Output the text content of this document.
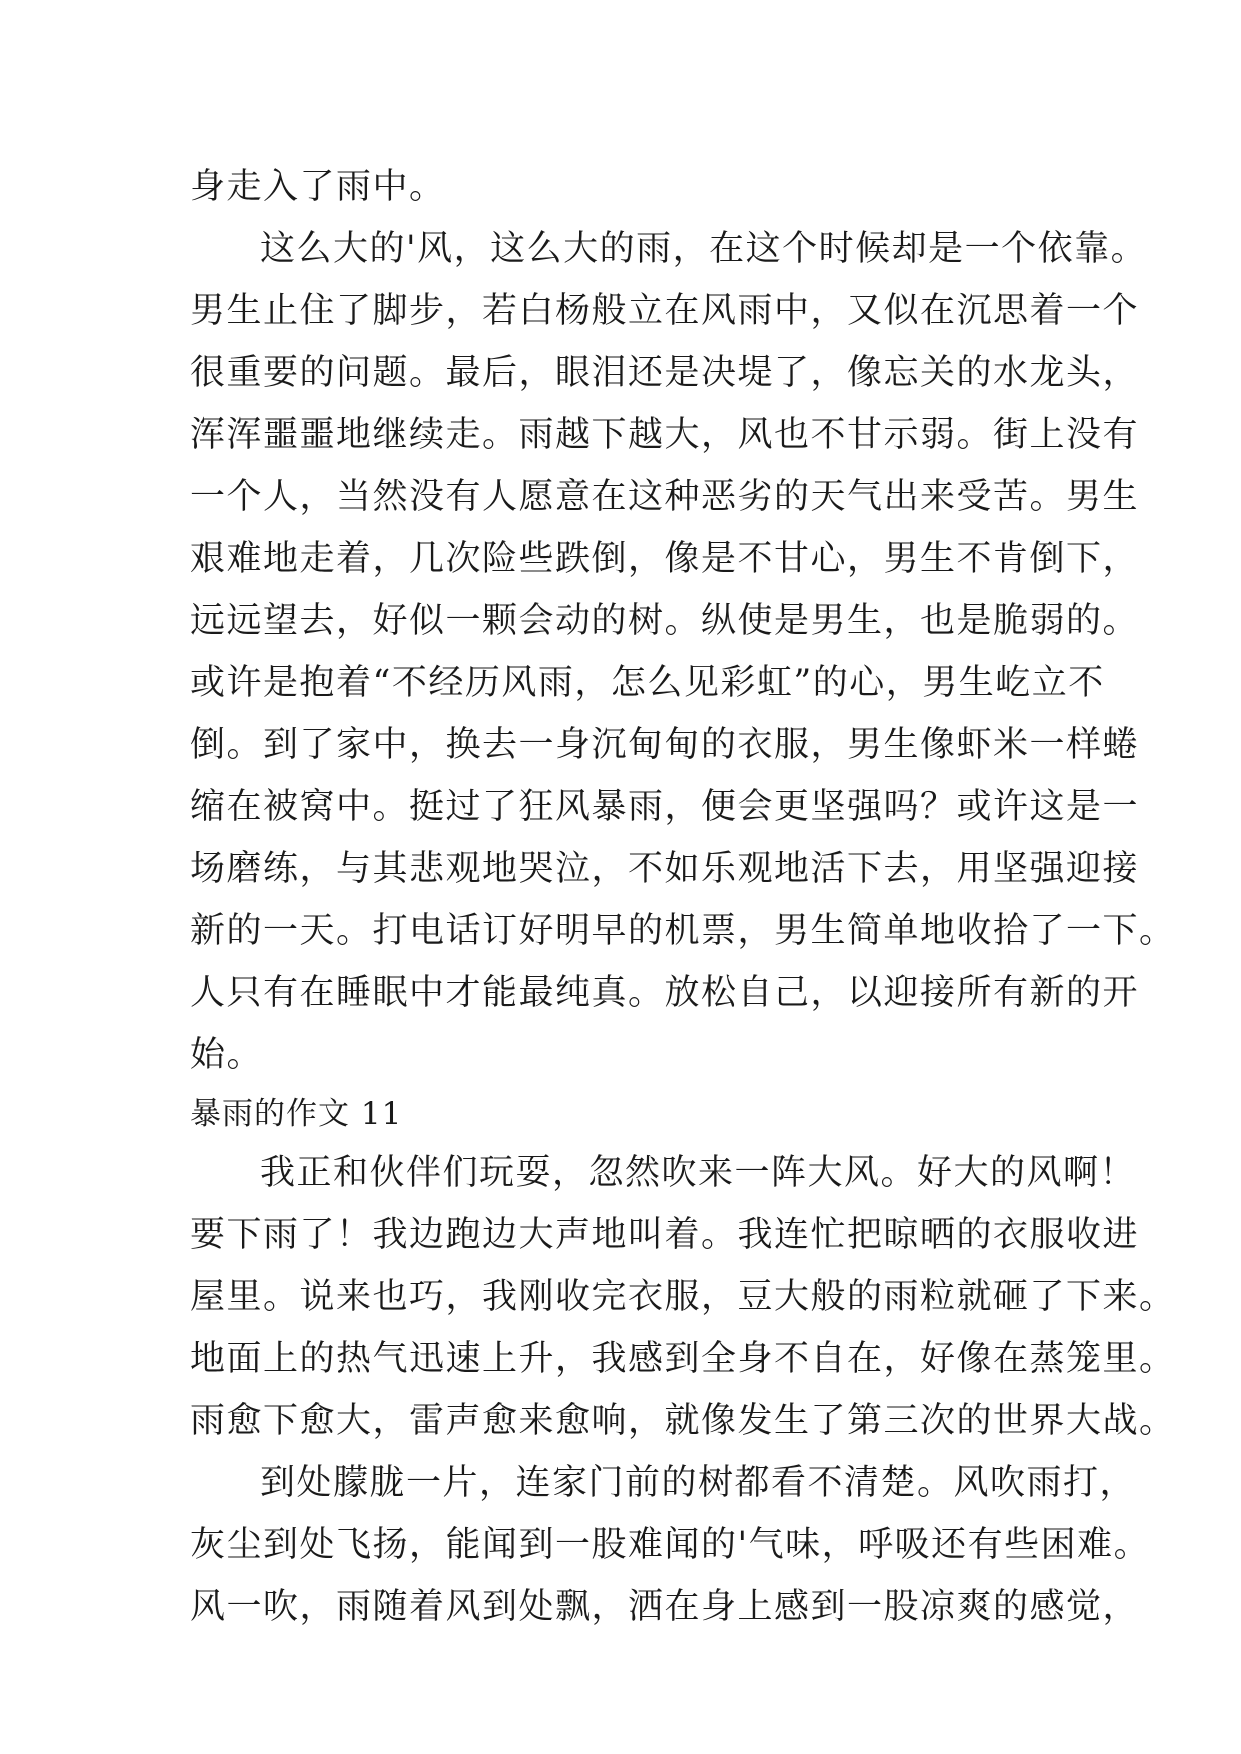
身走入了雨中。
这么大的'风，这么大的雨，在这个时候却是一个依靠。
男生止住了脚步，若白杨般立在风雨中，又似在沉思着一个
很重要的问题。最后，眼泪还是决堤了，像忘关的水龙头，
浑浑噩噩地继续走。雨越下越大，风也不甘示弱。街上没有
一个人，当然没有人愿意在这种恶劣的天气出来受苦。男生
艰难地走着，几次险些跌倒，像是不甘心，男生不肯倒下，
远远望去，好似一颗会动的树。纵使是男生，也是脆弱的。
或许是抱着“不经历风雨，怎么见彩虹”的心，男生屹立不
倒。到了家中，换去一身沉甸甸的衣服，男生像虾米一样蜷
缩在被窝中。挺过了狂风暴雨，便会更坚强吗？或许这是一
场磨练，与其悲观地哭泣，不如乐观地活下去，用坚强迎接
新的一天。打电话订好明早的机票，男生简单地收拾了一下。
人只有在睡眠中才能最纯真。放松自己，以迎接所有新的开
始。
暴雨的作文 11
我正和伙伴们玩耍，忽然吹来一阵大风。好大的风啊！
要下雨了！我边跑边大声地叫着。我连忙把晾晒的衣服收进
屋里。说来也巧，我刚收完衣服，豆大般的雨粒就砸了下来。
地面上的热气迅速上升，我感到全身不自在，好像在蒸笼里。
雨愈下愈大，雷声愈来愈响，就像发生了第三次的世界大战。
到处朦胧一片，连家门前的树都看不清楚。风吹雨打，
灰尘到处飞扬，能闻到一股难闻的'气味，呼吸还有些困难。
风一吹，雨随着风到处飘，洒在身上感到一股凉爽的感觉，
